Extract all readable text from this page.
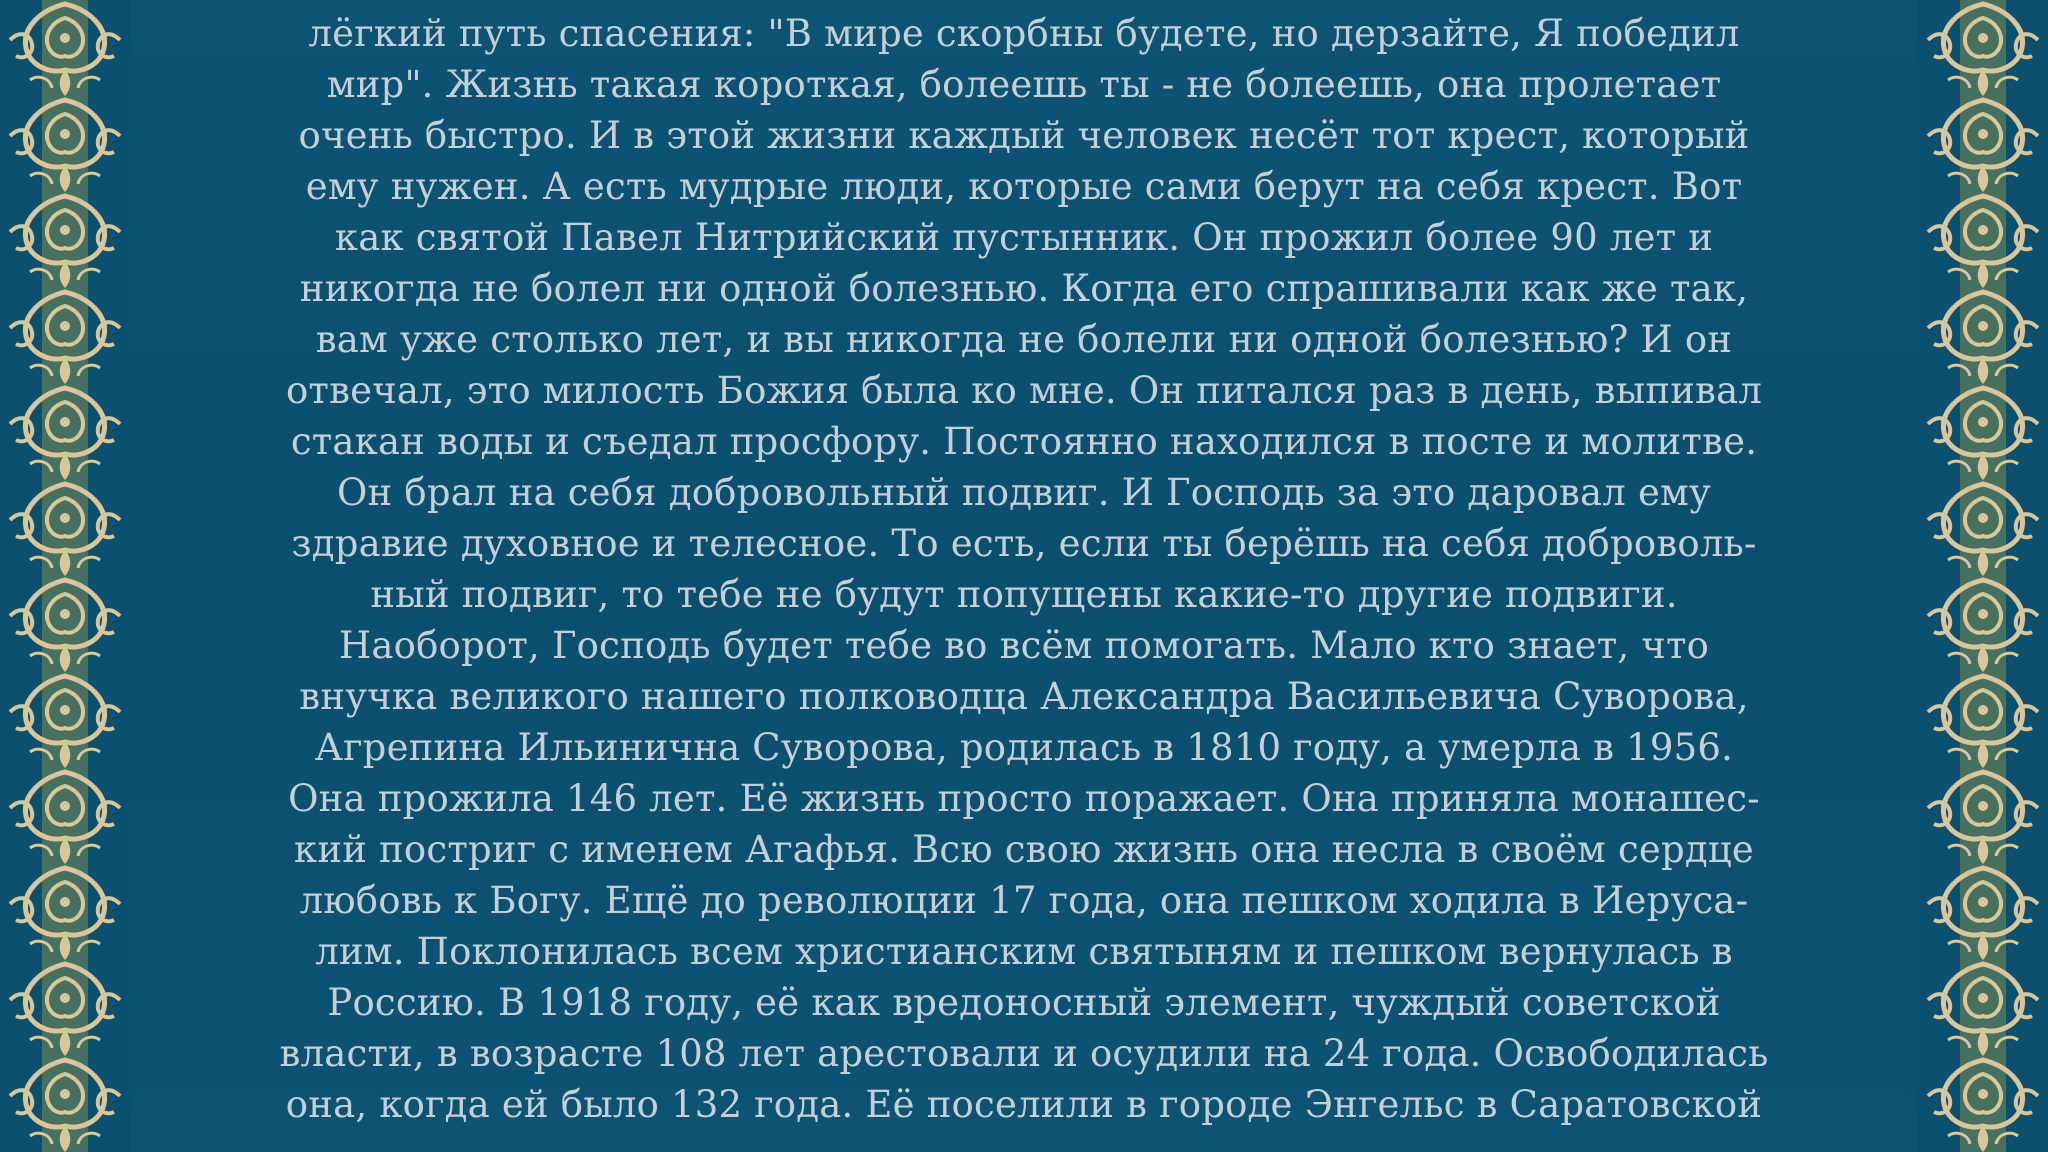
лёгкий путь спасения: "В мире скорбны будете, но дерзайте, Я победил
мир". Жизнь такая короткая, болеешь ты - не болеешь, она пролетает
очень быстро. И в этой жизни каждый человек несёт тот крест, который
ему нужен. А есть мудрые люди, которые сами берут на себя крест. Вот
как святой Павел Нитрийский пустынник. Он прожил более 90 лет и
никогда не болел ни одной болезнью. Когда его спрашивали как же так,
вам уже столько лет, и вы никогда не болели ни одной болезнью? И он
отвечал, это милость Божия была ко мне. Он питался раз в день, выпивал
стакан воды и съедал просфору. Постоянно находился в посте и молитве.
Он брал на себя добровольный подвиг. И Господь за это даровал ему
здравие духовное и телесное. То есть, если ты берёшь на себя доброволь-
ный подвиг, то тебе не будут попущены какие-то другие подвиги.
Наоборот, Господь будет тебе во всём помогать. Мало кто знает, что
внучка великого нашего полководца Александра Васильевича Суворова,
Агрепина Ильинична Суворова, родилась в 1810 году, а умерла в 1956.
Она прожила 146 лет. Её жизнь просто поражает. Она приняла монашес-
кий постриг с именем Агафья. Всю свою жизнь она несла в своём сердце
любовь к Богу. Ещё до революции 17 года, она пешком ходила в Иеруса-
лим. Поклонилась всем христианским святыням и пешком вернулась в
Россию. В 1918 году, её как вредоносный элемент, чуждый советской
власти, в возрасте 108 лет арестовали и осудили на 24 года. Освободилась
она, когда ей было 132 года. Её поселили в городе Энгельс в Саратовской
